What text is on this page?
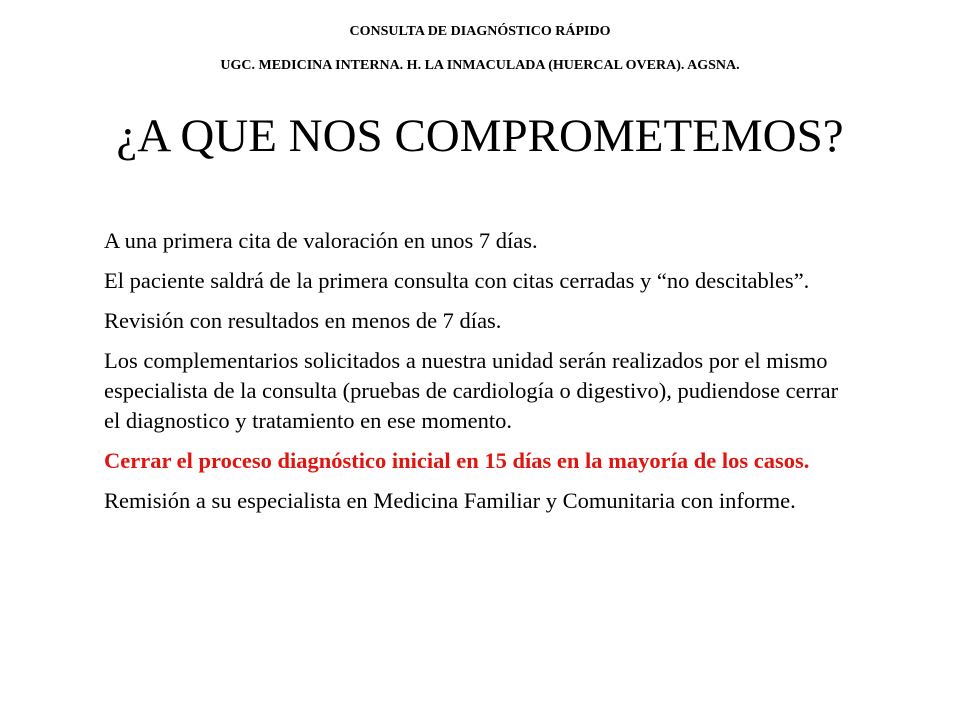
CONSULTA DE DIAGNÓSTICO RÁPIDO
UGC. MEDICINA INTERNA. H. LA INMACULADA (HUERCAL OVERA). AGSNA.
¿A QUE NOS COMPROMETEMOS?
A una primera cita de valoración en unos 7 días.
El paciente saldrá de la primera consulta con citas cerradas y “no descitables”.
Revisión con resultados en menos de 7 días.
Los complementarios solicitados a nuestra unidad serán realizados por el mismo especialista de la consulta (pruebas de cardiología o digestivo), pudiendose cerrar el diagnostico y tratamiento en ese momento.
Cerrar el proceso diagnóstico inicial en 15 días en la mayoría de los casos.
Remisión a su especialista en Medicina Familiar y Comunitaria con informe.
